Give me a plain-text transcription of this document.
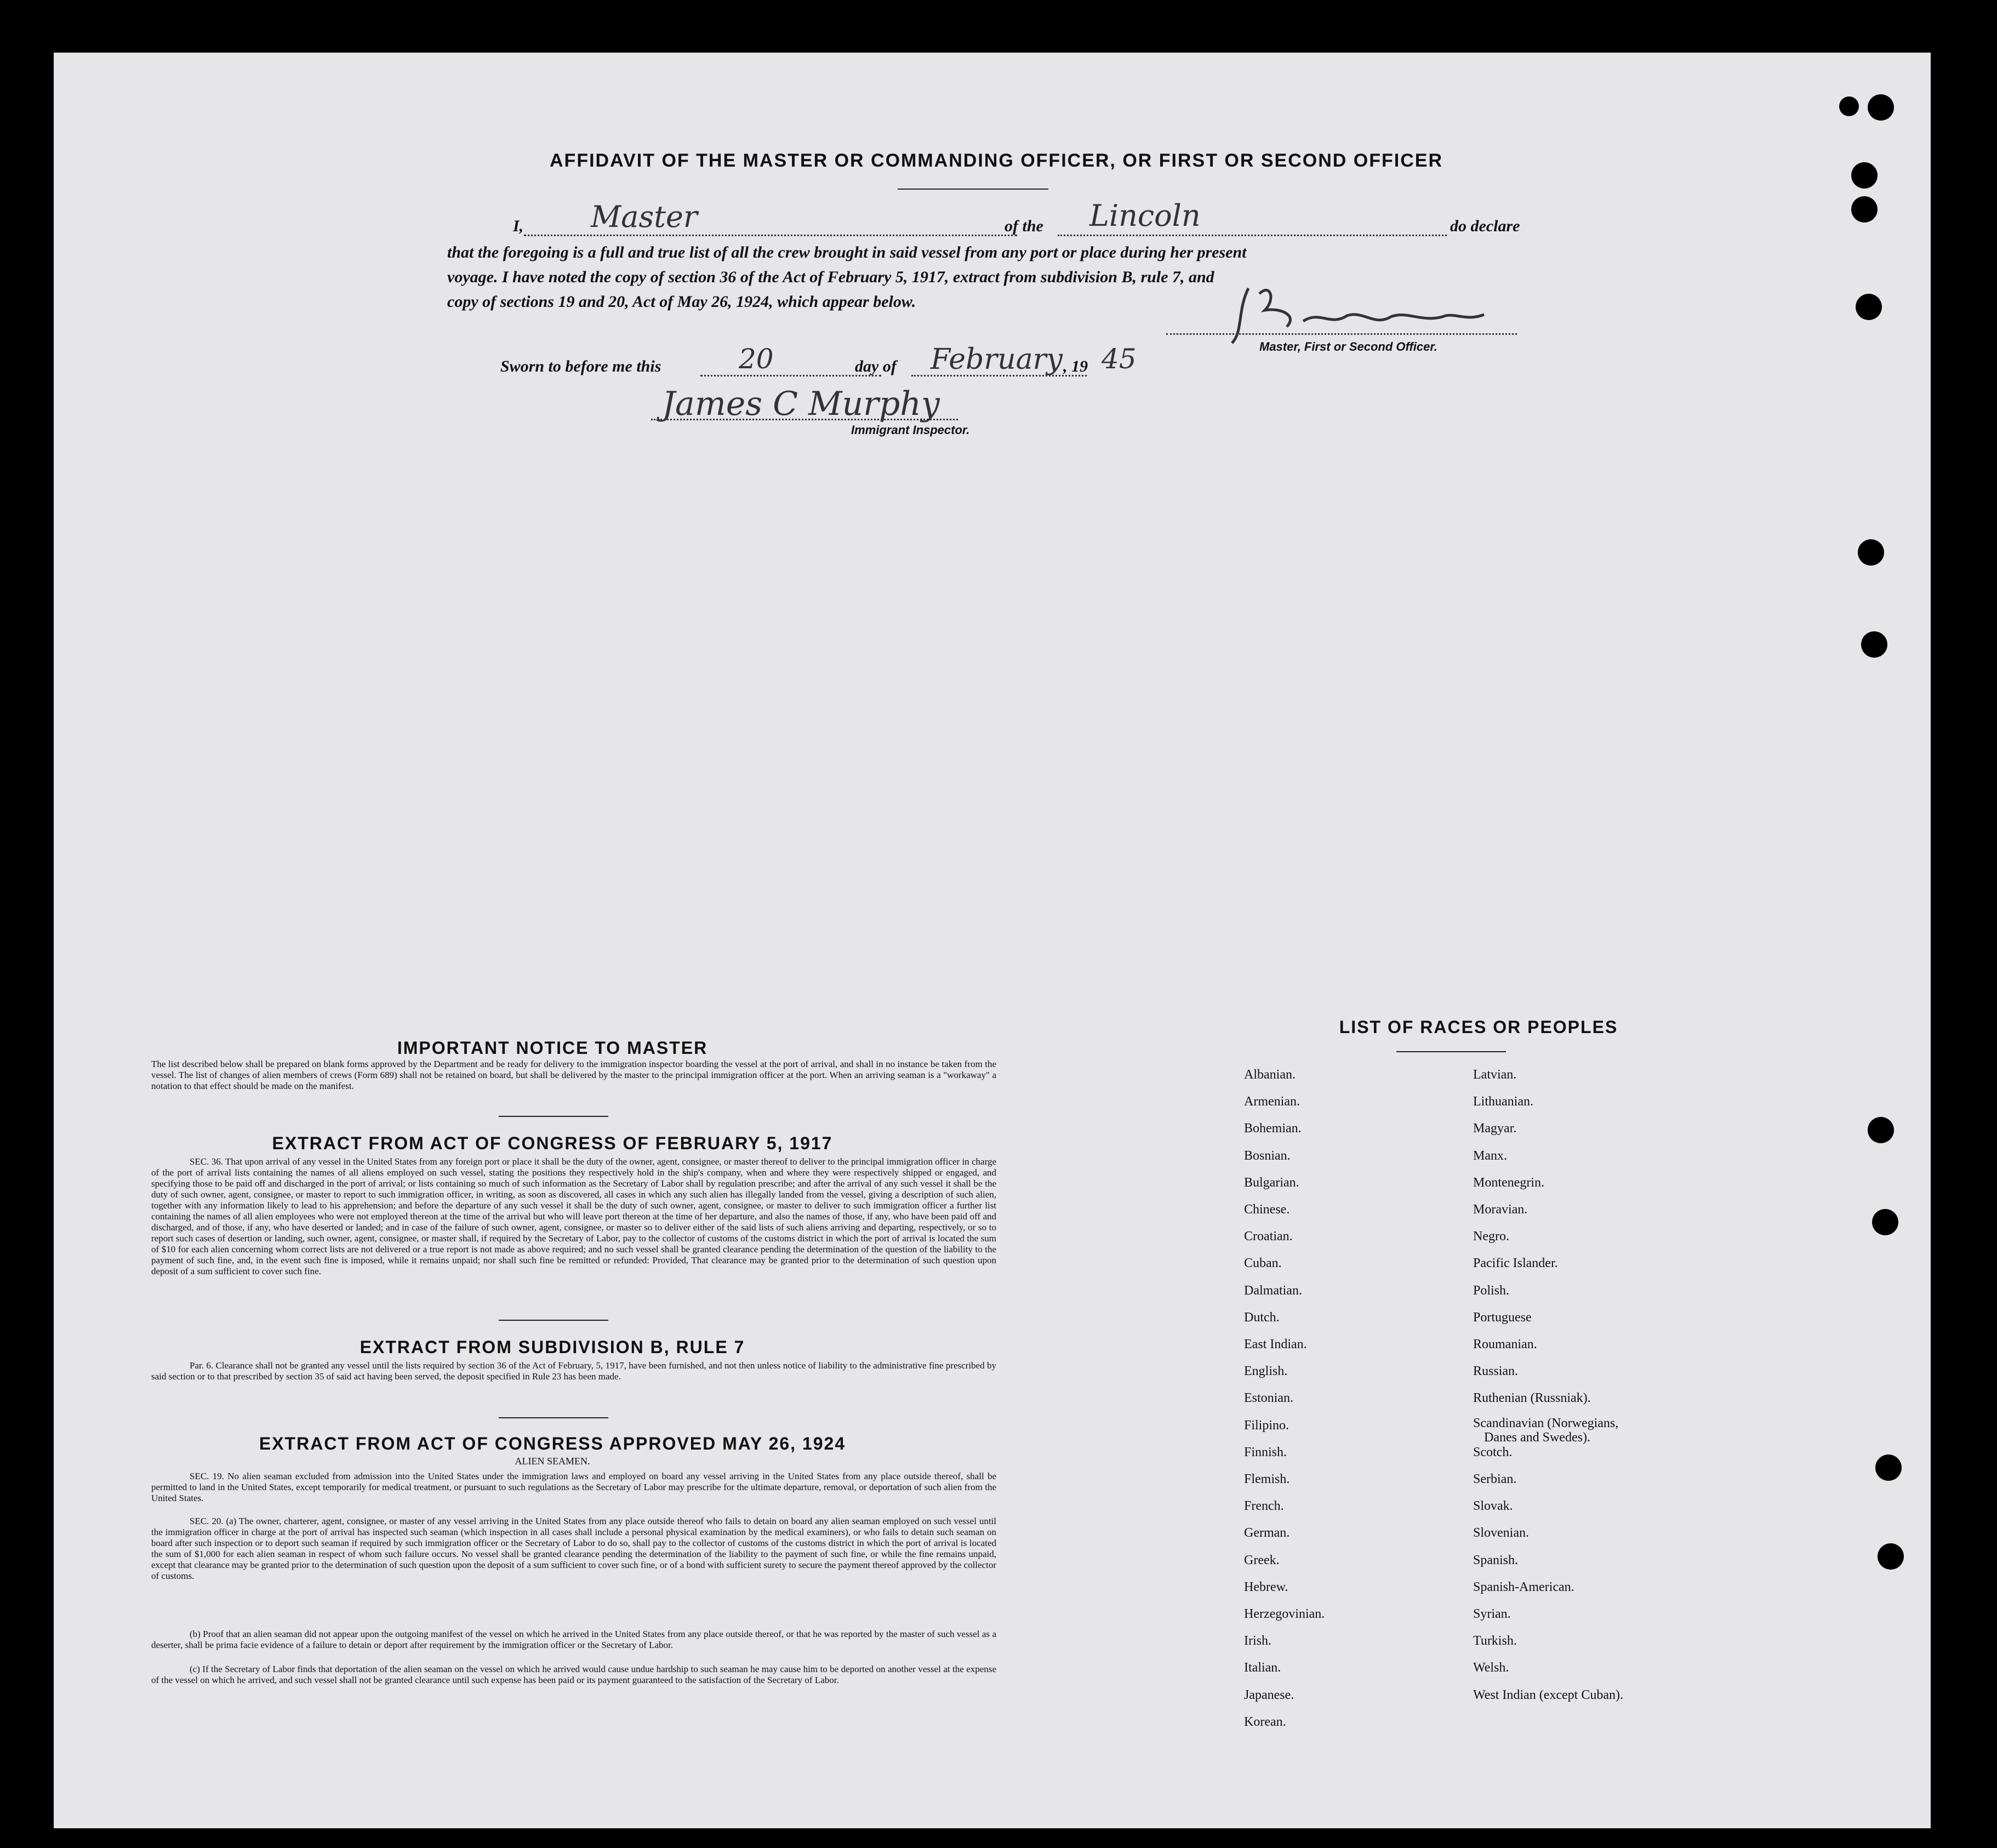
AFFIDAVIT OF THE MASTER OR COMMANDING OFFICER, OR FIRST OR SECOND OFFICER
I, Master	of the Lincoln	do declare
that the foregoing is a full and true list of all the crew brought in said vessel from any port or place during her present
voyage. I have noted the copy of section 36 of the Act of February 5, 1917, extract from subdivision B, rule 7, and
copy of sections 19 and 20, Act of May 26, 1924, which appear below.
Master, First or Second Officer.
Sworn to before me this	20	day of February , 19 45
James C Murphy
Immigrant Inspector.
IMPORTANT NOTICE TO MASTER
The list described below shall be prepared on blank forms approved by the Department and be ready for delivery to the immigration inspector boarding the vessel at the port of arrival, and shall in no instance be taken from the vessel. The list of changes of alien members of crews (Form 689) shall not be retained on board, but shall be delivered by the master to the principal immigration officer at the port. When an arriving seaman is a "workaway" a notation to that effect should be made on the manifest.
EXTRACT FROM ACT OF CONGRESS OF FEBRUARY 5, 1917
SEC. 36. That upon arrival of any vessel in the United States from any foreign port or place it shall be the duty of the owner, agent, consignee, or master thereof to deliver to the principal immigration officer in charge of the port of arrival lists containing the names of all aliens employed on such vessel, stating the positions they respectively hold in the ship's company, when and where they were respectively shipped or engaged, and specifying those to be paid off and discharged in the port of arrival; or lists containing so much of such information as the Secretary of Labor shall by regulation prescribe; and after the arrival of any such vessel it shall be the duty of such owner, agent, consignee, or master to report to such immigration officer, in writing, as soon as discovered, all cases in which any such alien has illegally landed from the vessel, giving a description of such alien, together with any information likely to lead to his apprehension; and before the departure of any such vessel it shall be the duty of such owner, agent, consignee, or master to deliver to such immigration officer a further list containing the names of all alien employees who were not employed thereon at the time of the arrival but who will leave port thereon at the time of her departure, and also the names of those, if any, who have been paid off and discharged, and of those, if any, who have deserted or landed; and in case of the failure of such owner, agent, consignee, or master so to deliver either of the said lists of such aliens arriving and departing, respectively, or so to report such cases of desertion or landing, such owner, agent, consignee, or master shall, if required by the Secretary of Labor, pay to the collector of customs of the customs district in which the port of arrival is located the sum of $10 for each alien concerning whom correct lists are not delivered or a true report is not made as above required; and no such vessel shall be granted clearance pending the determination of the question of the liability to the payment of such fine, and, in the event such fine is imposed, while it remains unpaid; nor shall such fine be remitted or refunded: Provided, That clearance may be granted prior to the determination of such question upon deposit of a sum sufficient to cover such fine.
EXTRACT FROM SUBDIVISION B, RULE 7
Par. 6. Clearance shall not be granted any vessel until the lists required by section 36 of the Act of February, 5, 1917, have been furnished, and not then unless notice of liability to the administrative fine prescribed by said section or to that prescribed by section 35 of said act having been served, the deposit specified in Rule 23 has been made.
EXTRACT FROM ACT OF CONGRESS APPROVED MAY 26, 1924
ALIEN SEAMEN.
SEC. 19. No alien seaman excluded from admission into the United States under the immigration laws and employed on board any vessel arriving in the United States from any place outside thereof, shall be permitted to land in the United States, except temporarily for medical treatment, or pursuant to such regulations as the Secretary of Labor may prescribe for the ultimate departure, removal, or deportation of such alien from the United States.
SEC. 20. (a) The owner, charterer, agent, consignee, or master of any vessel arriving in the United States from any place outside thereof who fails to detain on board any alien seaman employed on such vessel until the immigration officer in charge at the port of arrival has inspected such seaman (which inspection in all cases shall include a personal physical examination by the medical examiners), or who fails to detain such seaman on board after such inspection or to deport such seaman if required by such immigration officer or the Secretary of Labor to do so, shall pay to the collector of customs of the customs district in which the port of arrival is located the sum of $1,000 for each alien seaman in respect of whom such failure occurs. No vessel shall be granted clearance pending the determination of the liability to the payment of such fine, or while the fine remains unpaid, except that clearance may be granted prior to the determination of such question upon the deposit of a sum sufficient to cover such fine, or of a bond with sufficient surety to secure the payment thereof approved by the collector of customs.
(b) Proof that an alien seaman did not appear upon the outgoing manifest of the vessel on which he arrived in the United States from any place outside thereof, or that he was reported by the master of such vessel as a deserter, shall be prima facie evidence of a failure to detain or deport after requirement by the immigration officer or the Secretary of Labor.
(c) If the Secretary of Labor finds that deportation of the alien seaman on the vessel on which he arrived would cause undue hardship to such seaman he may cause him to be deported on another vessel at the expense of the vessel on which he arrived, and such vessel shall not be granted clearance until such expense has been paid or its payment guaranteed to the satisfaction of the Secretary of Labor.
LIST OF RACES OR PEOPLES
Albanian.
Armenian.
Bohemian.
Bosnian.
Bulgarian.
Chinese.
Croatian.
Cuban.
Dalmatian.
Dutch.
East Indian.
English.
Estonian.
Filipino.
Finnish.
Flemish.
French.
German.
Greek.
Hebrew.
Herzegovinian.
Irish.
Italian.
Japanese.
Korean.
Latvian.
Lithuanian.
Magyar.
Manx.
Montenegrin.
Moravian.
Negro.
Pacific Islander.
Polish.
Portuguese
Roumanian.
Russian.
Ruthenian (Russniak).
Scandinavian (Norwegians,
Danes and Swedes).
Scotch.
Serbian.
Slovak.
Slovenian.
Spanish.
Spanish-American.
Syrian.
Turkish.
Welsh.
West Indian (except Cuban).
